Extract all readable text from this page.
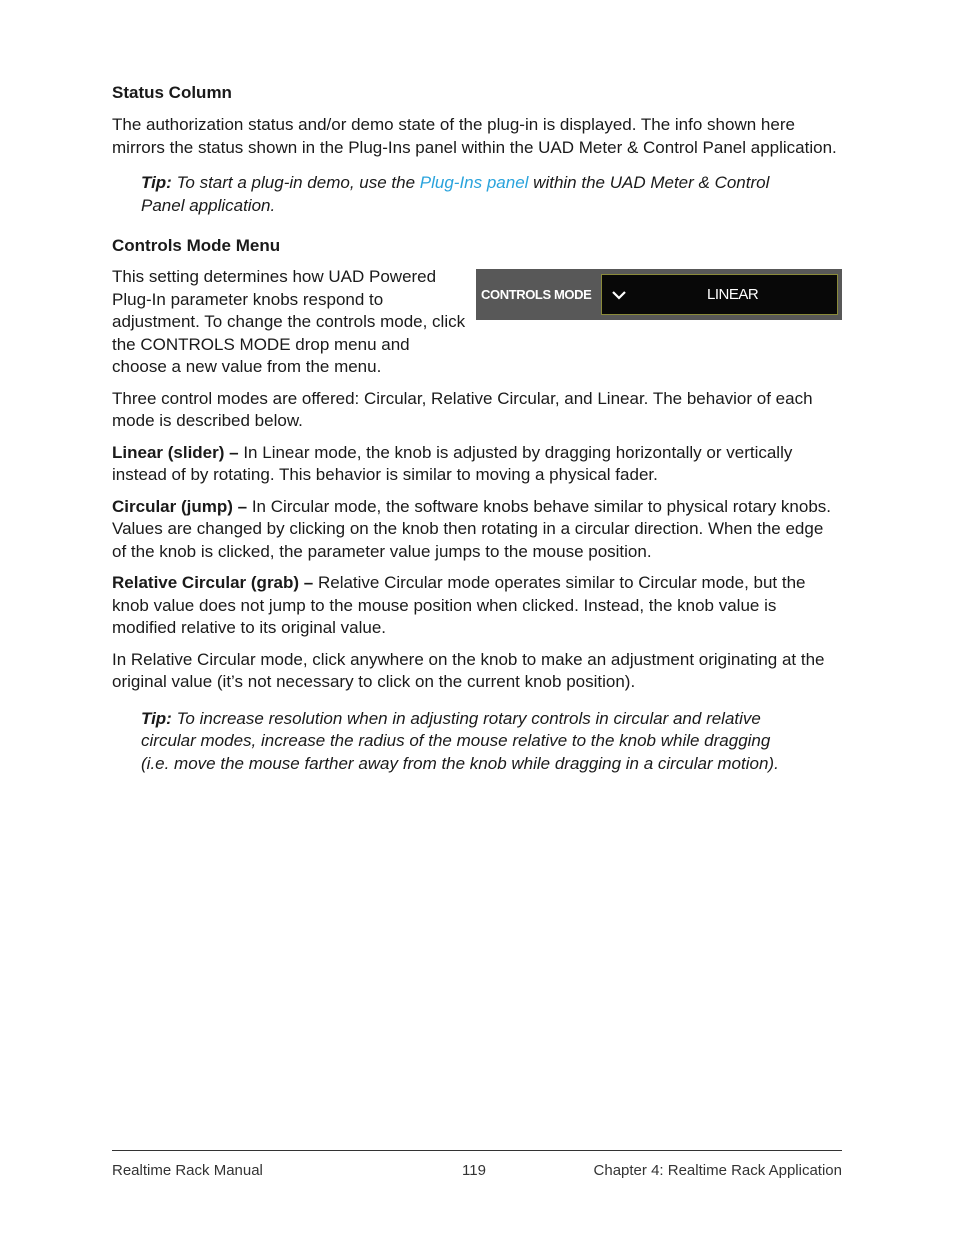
Status Column

The authorization status and/or demo state of the plug-in is displayed. The info shown here mirrors the status shown in the Plug-Ins panel within the UAD Meter & Control Panel application.

Tip: To start a plug-in demo, use the Plug-Ins panel within the UAD Meter & Control Panel application.

Controls Mode Menu

This setting determines how UAD Powered Plug-In parameter knobs respond to adjustment. To change the controls mode, click the CONTROLS MODE drop menu and choose a new value from the menu.

CONTROLS MODE	LINEAR

Three control modes are offered: Circular, Relative Circular, and Linear. The behavior of each mode is described below.

Linear (slider) – In Linear mode, the knob is adjusted by dragging horizontally or vertically instead of by rotating. This behavior is similar to moving a physical fader.

Circular (jump) – In Circular mode, the software knobs behave similar to physical rotary knobs. Values are changed by clicking on the knob then rotating in a circular direction. When the edge of the knob is clicked, the parameter value jumps to the mouse position.

Relative Circular (grab) – Relative Circular mode operates similar to Circular mode, but the knob value does not jump to the mouse position when clicked. Instead, the knob value is modified relative to its original value.

In Relative Circular mode, click anywhere on the knob to make an adjustment originating at the original value (it’s not necessary to click on the current knob position).

Tip: To increase resolution when in adjusting rotary controls in circular and relative circular modes, increase the radius of the mouse relative to the knob while dragging (i.e. move the mouse farther away from the knob while dragging in a circular motion).

Realtime Rack Manual	119	Chapter 4: Realtime Rack Application
